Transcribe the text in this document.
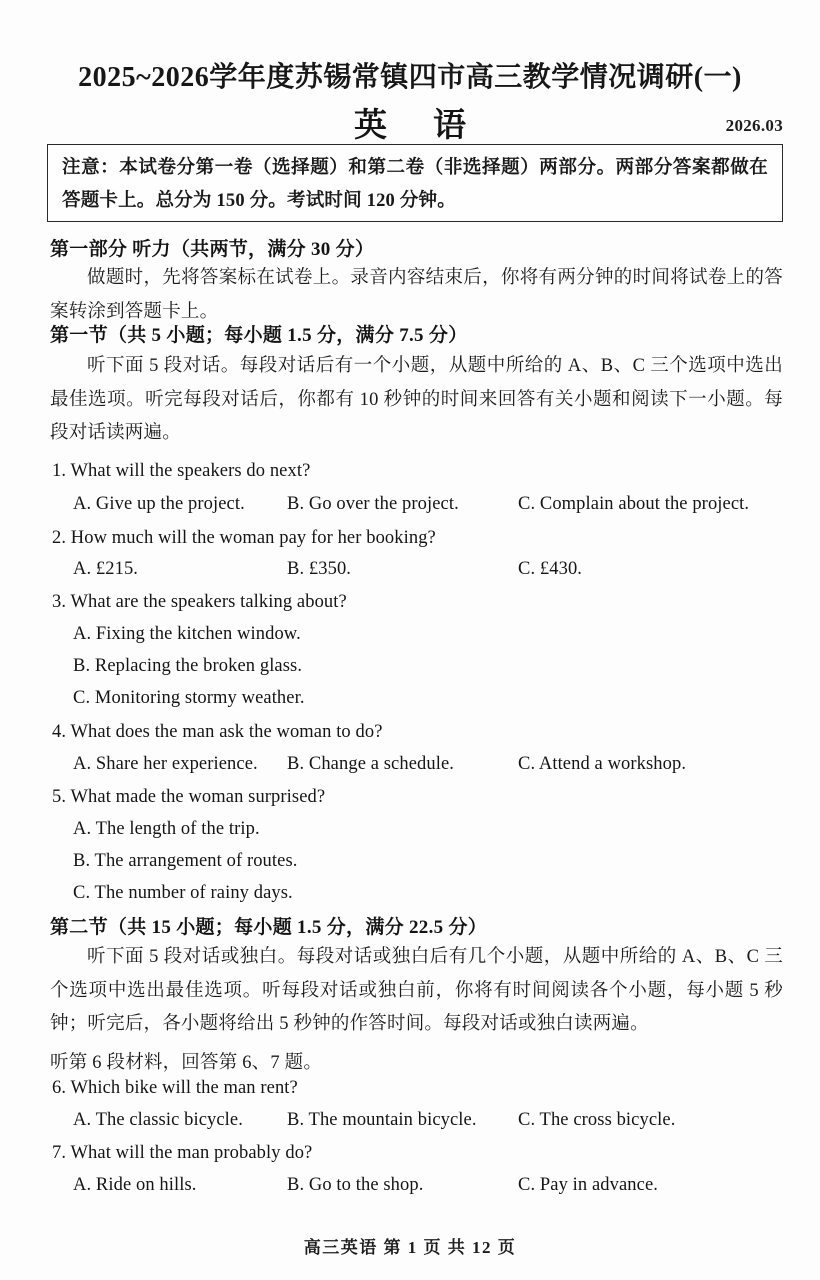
2025~2026学年度苏锡常镇四市高三教学情况调研(一)
英语	2026.03
注意：本试卷分第一卷（选择题）和第二卷（非选择题）两部分。两部分答案都做在答题卡上。总分为 150 分。考试时间 120 分钟。
第一部分 听力（共两节，满分 30 分）
做题时，先将答案标在试卷上。录音内容结束后，你将有两分钟的时间将试卷上的答案转涂到答题卡上。
第一节（共 5 小题；每小题 1.5 分，满分 7.5 分）
听下面 5 段对话。每段对话后有一个小题，从题中所给的 A、B、C 三个选项中选出最佳选项。听完每段对话后，你都有 10 秒钟的时间来回答有关小题和阅读下一小题。每段对话读两遍。
1. What will the speakers do next?
A. Give up the project. B. Go over the project.	C. Complain about the project.
2. How much will the woman pay for her booking?
A. £215.	B. £350.	C. £430.
3. What are the speakers talking about?
A. Fixing the kitchen window.
B. Replacing the broken glass.
C. Monitoring stormy weather.
4. What does the man ask the woman to do?
A. Share her experience. B. Change a schedule.	C. Attend a workshop.
5. What made the woman surprised?
A. The length of the trip.
B. The arrangement of routes.
C. The number of rainy days.
第二节（共 15 小题；每小题 1.5 分，满分 22.5 分）
听下面 5 段对话或独白。每段对话或独白后有几个小题，从题中所给的 A、B、C 三个选项中选出最佳选项。听每段对话或独白前，你将有时间阅读各个小题，每小题 5 秒钟；听完后，各小题将给出 5 秒钟的作答时间。每段对话或独白读两遍。
听第 6 段材料，回答第 6、7 题。
6. Which bike will the man rent?
A. The classic bicycle. B. The mountain bicycle. C. The cross bicycle.
7. What will the man probably do?
A. Ride on hills.	B. Go to the shop.	C. Pay in advance.
高三英语 第 1 页 共 12 页
